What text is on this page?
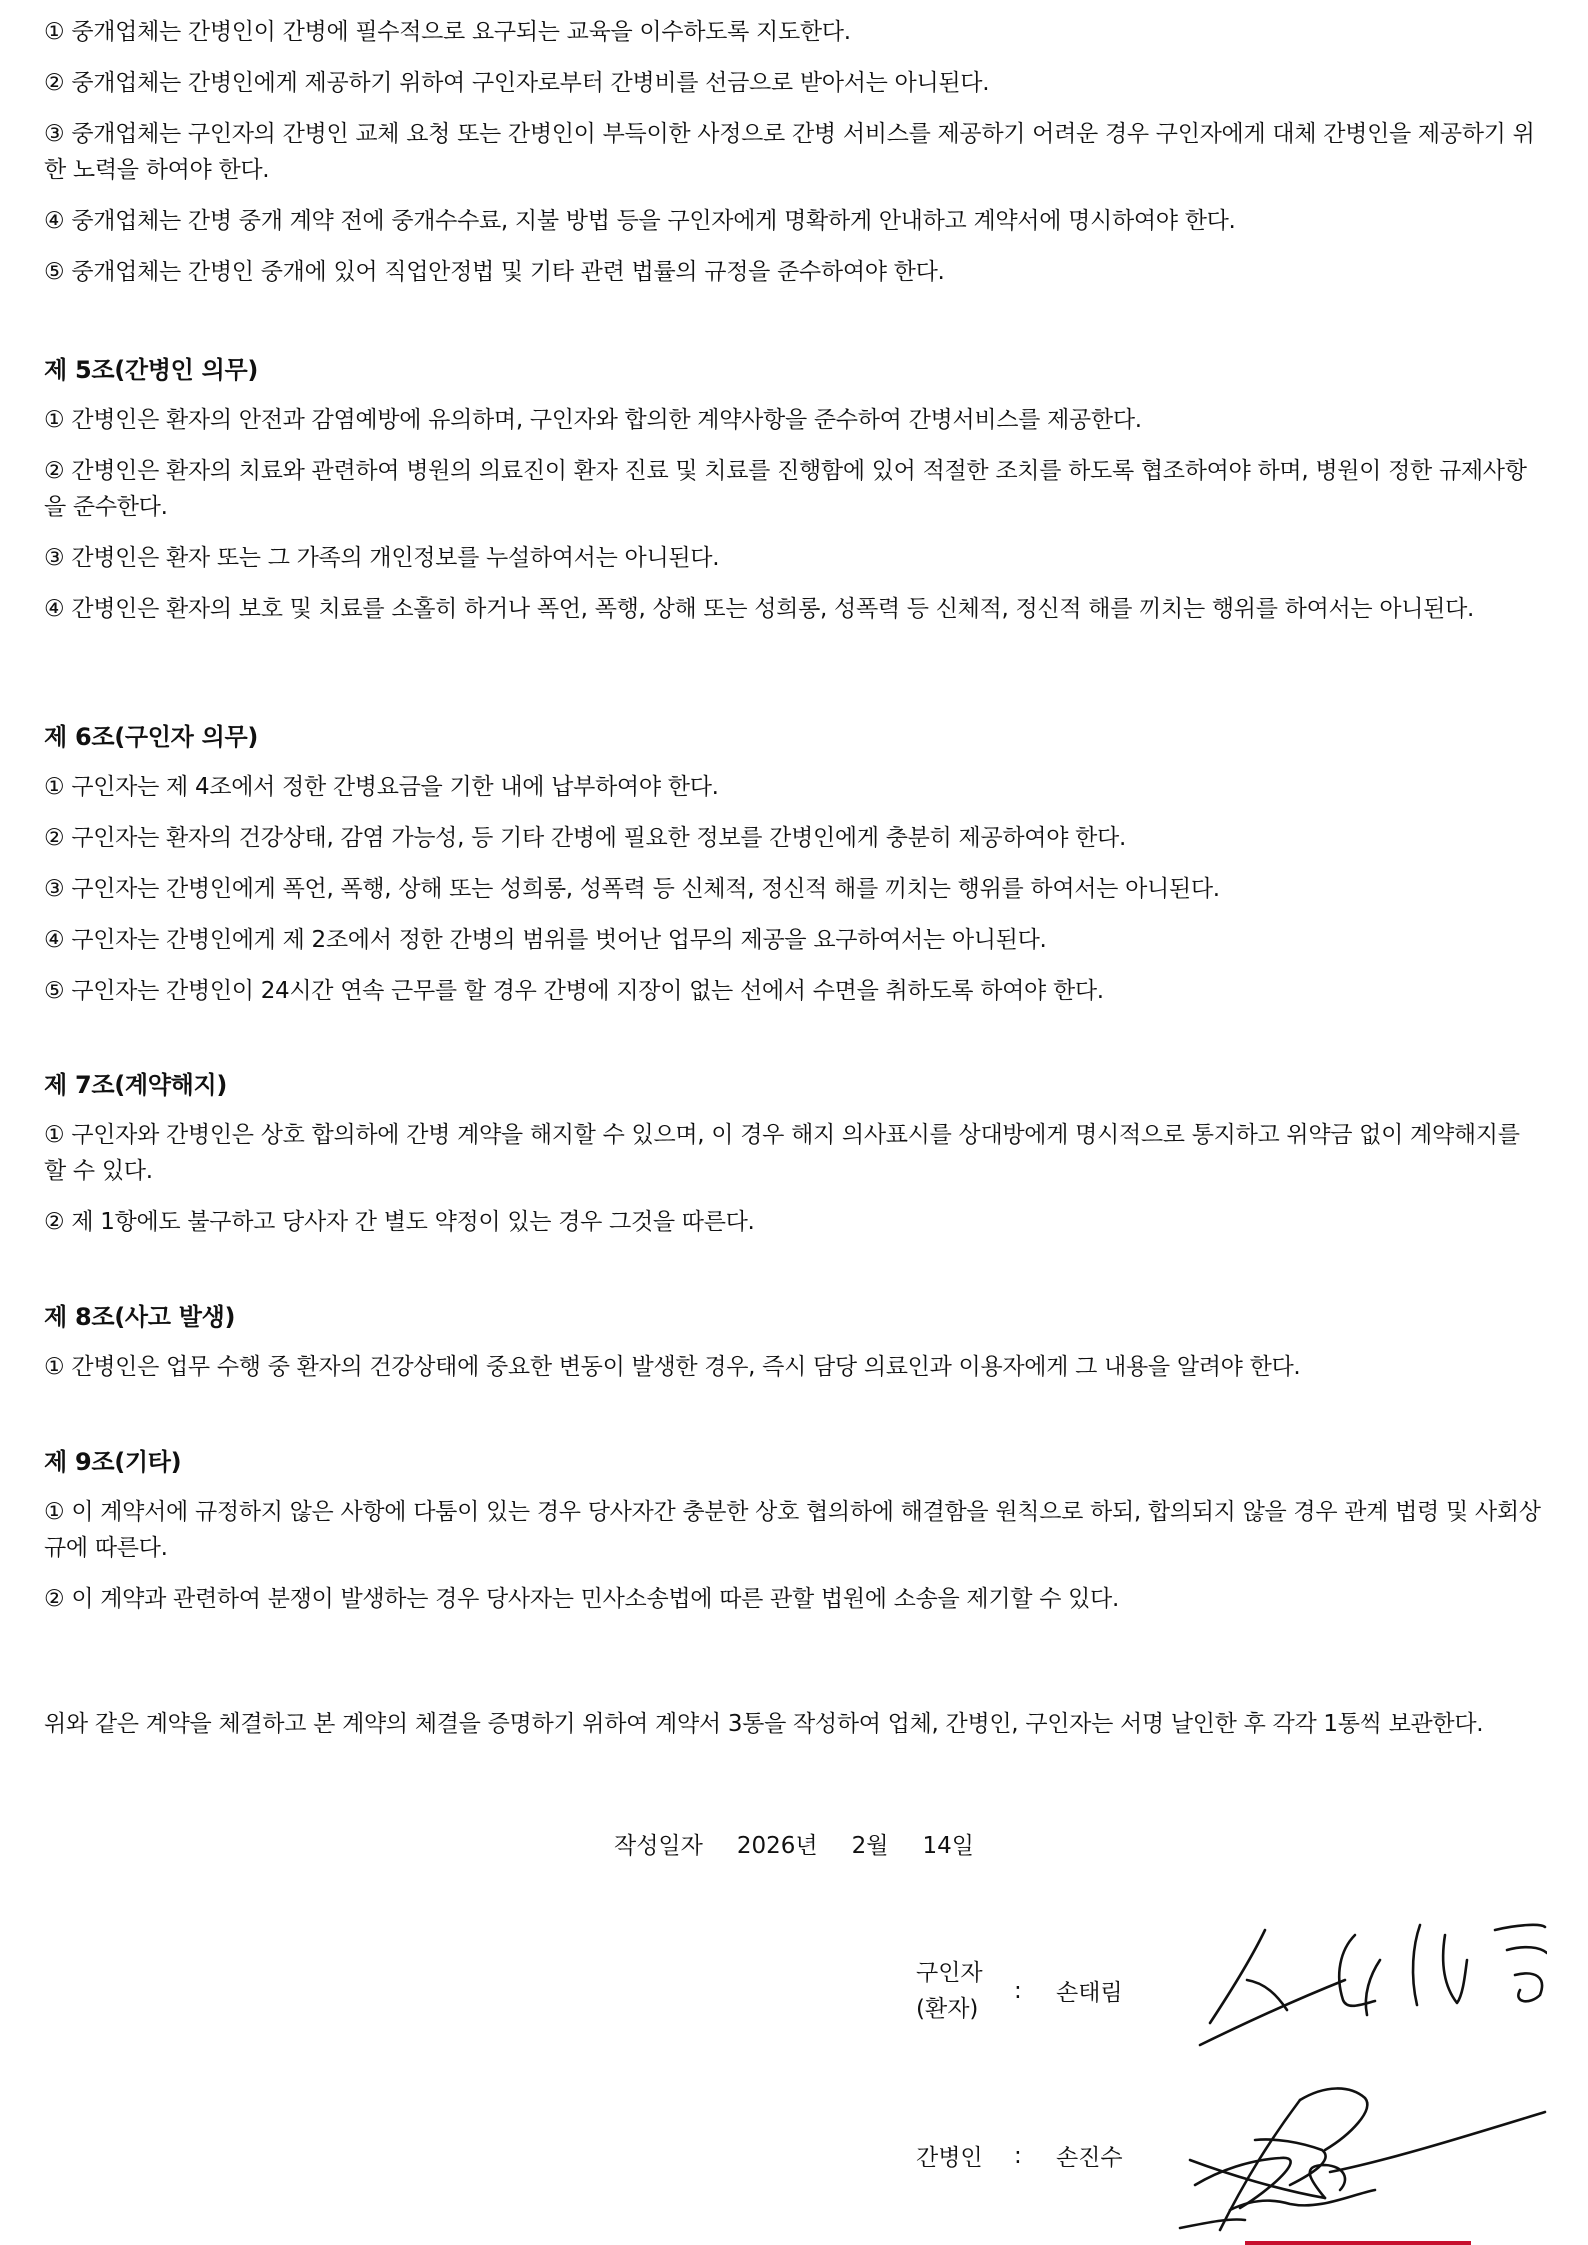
① 중개업체는 간병인이 간병에 필수적으로 요구되는 교육을 이수하도록 지도한다.

② 중개업체는 간병인에게 제공하기 위하여 구인자로부터 간병비를 선금으로 받아서는 아니된다.

③ 중개업체는 구인자의 간병인 교체 요청 또는 간병인이 부득이한 사정으로 간병 서비스를 제공하기 어려운 경우 구인자에게 대체 간병인을 제공하기 위한 노력을 하여야 한다.

④ 중개업체는 간병 중개 계약 전에 중개수수료, 지불 방법 등을 구인자에게 명확하게 안내하고 계약서에 명시하여야 한다.

⑤ 중개업체는 간병인 중개에 있어 직업안정법 및 기타 관련 법률의 규정을 준수하여야 한다.

제 5조(간병인 의무)

① 간병인은 환자의 안전과 감염예방에 유의하며, 구인자와 합의한 계약사항을 준수하여 간병서비스를 제공한다.

② 간병인은 환자의 치료와 관련하여 병원의 의료진이 환자 진료 및 치료를 진행함에 있어 적절한 조치를 하도록 협조하여야 하며, 병원이 정한 규제사항을 준수한다.

③ 간병인은 환자 또는 그 가족의 개인정보를 누설하여서는 아니된다.

④ 간병인은 환자의 보호 및 치료를 소홀히 하거나 폭언, 폭행, 상해 또는 성희롱, 성폭력 등 신체적, 정신적 해를 끼치는 행위를 하여서는 아니된다.

제 6조(구인자 의무)

① 구인자는 제 4조에서 정한 간병요금을 기한 내에 납부하여야 한다.

② 구인자는 환자의 건강상태, 감염 가능성, 등 기타 간병에 필요한 정보를 간병인에게 충분히 제공하여야 한다.

③ 구인자는 간병인에게 폭언, 폭행, 상해 또는 성희롱, 성폭력 등 신체적, 정신적 해를 끼치는 행위를 하여서는 아니된다.

④ 구인자는 간병인에게 제 2조에서 정한 간병의 범위를 벗어난 업무의 제공을 요구하여서는 아니된다.

⑤ 구인자는 간병인이 24시간 연속 근무를 할 경우 간병에 지장이 없는 선에서 수면을 취하도록 하여야 한다.

제 7조(계약해지)

① 구인자와 간병인은 상호 합의하에 간병 계약을 해지할 수 있으며, 이 경우 해지 의사표시를 상대방에게 명시적으로 통지하고 위약금 없이 계약해지를 할 수 있다.

② 제 1항에도 불구하고 당사자 간 별도 약정이 있는 경우 그것을 따른다.

제 8조(사고 발생)

① 간병인은 업무 수행 중 환자의 건강상태에 중요한 변동이 발생한 경우, 즉시 담당 의료인과 이용자에게 그 내용을 알려야 한다.

제 9조(기타)

① 이 계약서에 규정하지 않은 사항에 다툼이 있는 경우 당사자간 충분한 상호 협의하에 해결함을 원칙으로 하되, 합의되지 않을 경우 관계 법령 및 사회상규에 따른다.

② 이 계약과 관련하여 분쟁이 발생하는 경우 당사자는 민사소송법에 따른 관할 법원에 소송을 제기할 수 있다.

위와 같은 계약을 체결하고 본 계약의 체결을 증명하기 위하여 계약서 3통을 작성하여 업체, 간병인, 구인자는 서명 날인한 후 각각 1통씩 보관한다.

작성일자 2026년 2월 14일
구인자
(환자)
: 손태림
간병인 : 손진수
